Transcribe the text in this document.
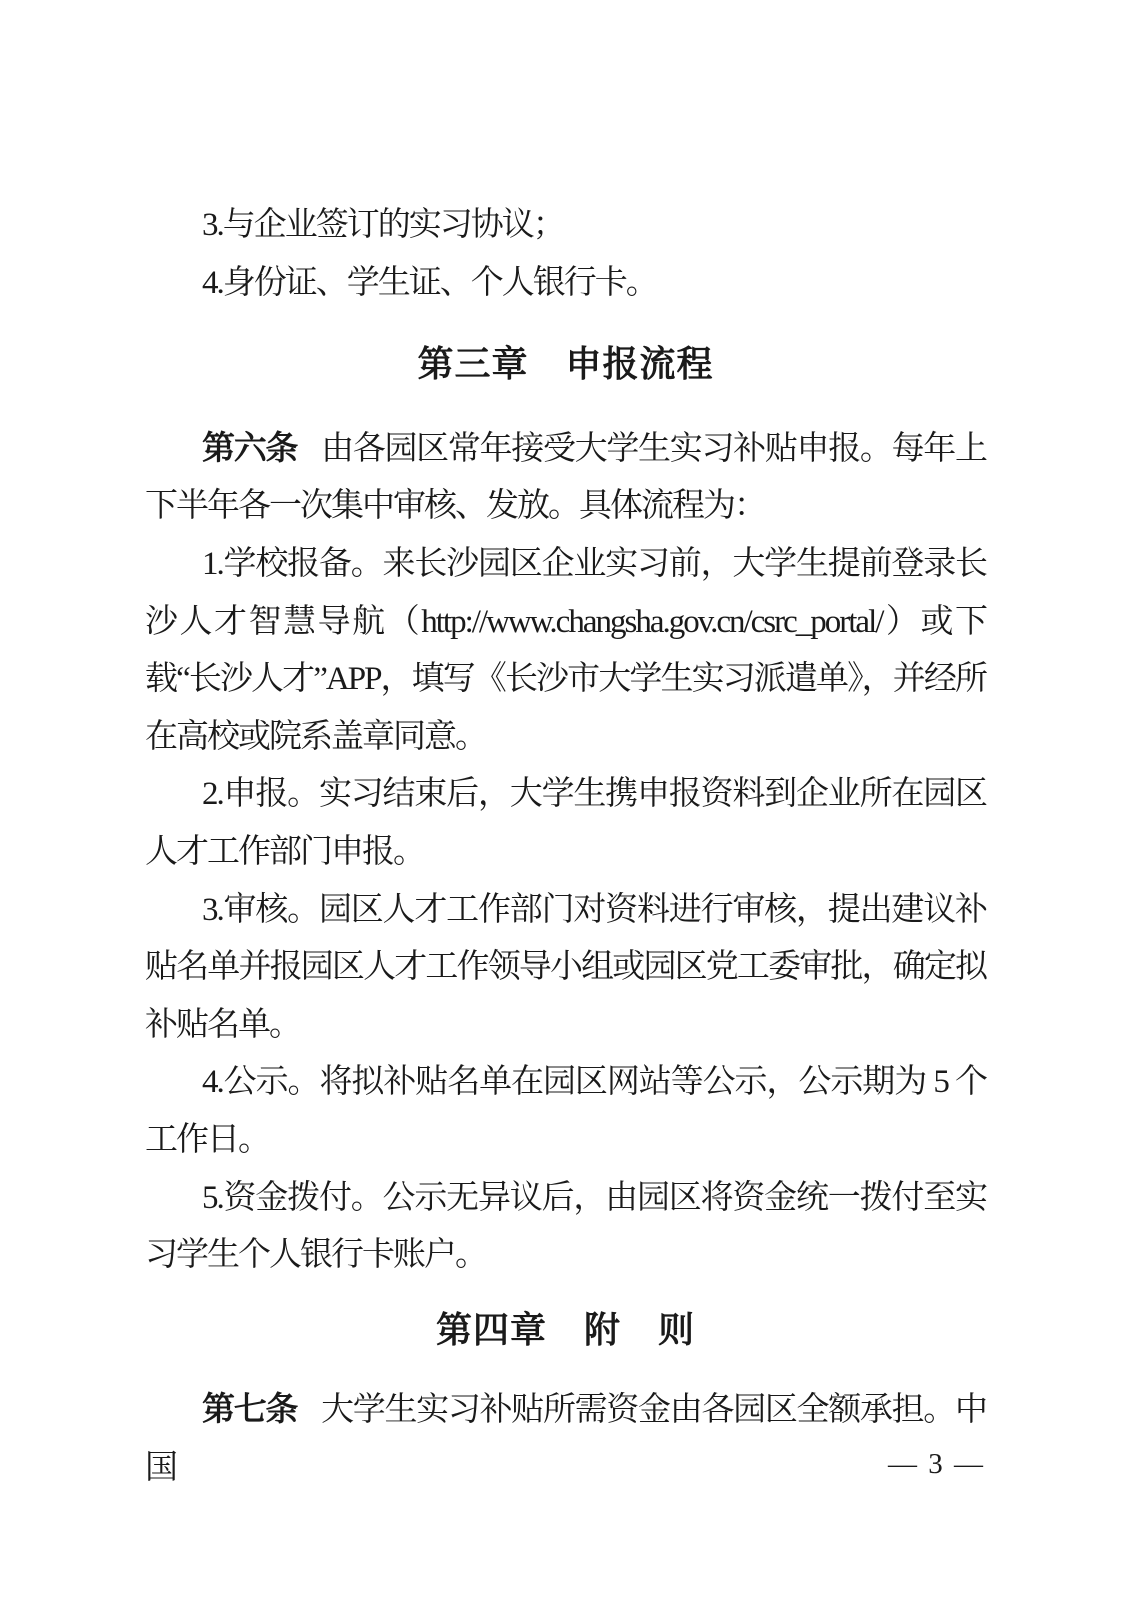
3.与企业签订的实习协议；

4.身份证、学生证、个人银行卡。

第三章　申报流程

第六条 由各园区常年接受大学生实习补贴申报。每年上下半年各一次集中审核、发放。具体流程为：

1.学校报备。来长沙园区企业实习前，大学生提前登录长沙人才智慧导航（http://www.changsha.gov.cn/csrc_portal/）或下载“长沙人才”APP，填写《长沙市大学生实习派遣单》，并经所在高校或院系盖章同意。

2.申报。实习结束后，大学生携申报资料到企业所在园区人才工作部门申报。

3.审核。园区人才工作部门对资料进行审核，提出建议补贴名单并报园区人才工作领导小组或园区党工委审批，确定拟补贴名单。

4.公示。将拟补贴名单在园区网站等公示，公示期为 5 个工作日。

5.资金拨付。公示无异议后，由园区将资金统一拨付至实习学生个人银行卡账户。

第四章　附　则

第七条 大学生实习补贴所需资金由各园区全额承担。中国	— 3 —
